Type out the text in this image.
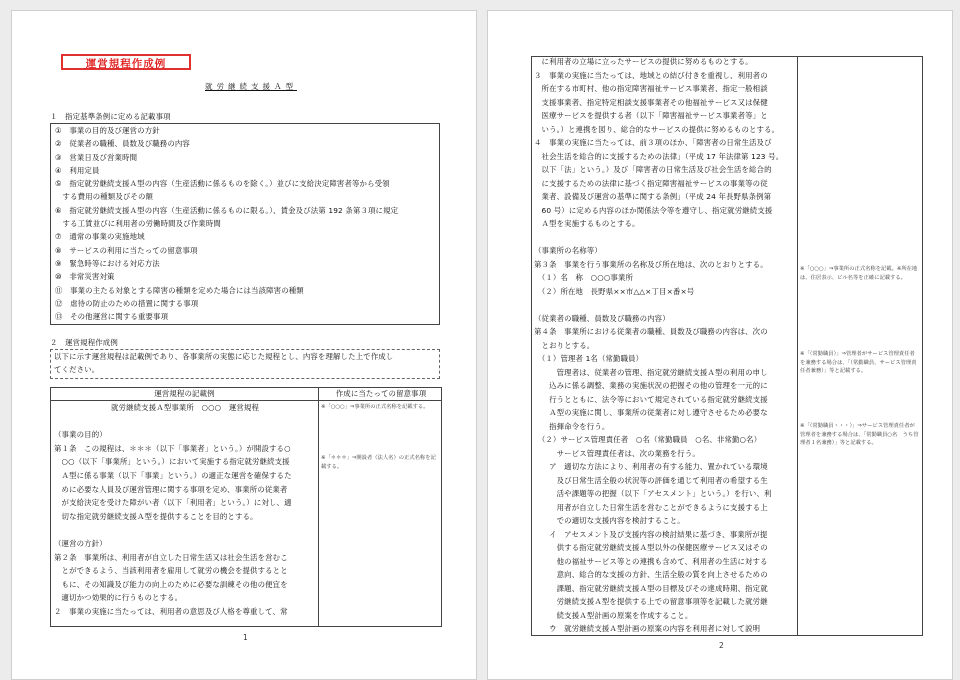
運営規程作成例
就労継続支援Ａ型
１　指定基準条例に定める記載事項
①　事業の目的及び運営の方針
②　従業者の職種、員数及び職務の内容
③　営業日及び営業時間
④　利用定員
⑤　指定就労継続支援Ａ型の内容（生産活動に係るものを除く。）並びに支給決定障害者等から受領
　する費用の種類及びその額
⑥　指定就労継続支援Ａ型の内容（生産活動に係るものに限る。）、賃金及び法第 192 条第３項に規定
　する工賃並びに利用者の労働時間及び作業時間
⑦　通常の事業の実施地域
⑧　サービスの利用に当たっての留意事項
⑨　緊急時等における対応方法
⑩　非常災害対策
⑪　事業の主たる対象とする障害の種類を定めた場合には当該障害の種類
⑫　虐待の防止のための措置に関する事項
⑬　その他運営に関する重要事項
２　運営規程作成例
以下に示す運営規程は記載例であり、各事業所の実態に応じた規程とし、内容を理解した上で作成し
てください。
運営規程の記載例	作成に当たっての留意事項
就労継続支援Ａ型事業所　○○○　運営規程

（事業の目的）
第１条　この規程は、＊＊＊（以下「事業者」という。）が開設する○
　○○（以下「事業所」という。）において実施する指定就労継続支援
　Ａ型に係る事業（以下「事業」という。）の適正な運営を確保するた
　めに必要な人員及び運営管理に関する事項を定め、事業所の従業者
　が支給決定を受けた障がい者（以下「利用者」という。）に対し、適
　切な指定就労継続支援Ａ型を提供することを目的とする。

（運営の方針）
第２条　事業所は、利用者が自立した日常生活又は社会生活を営むこ
　とができるよう、当該利用者を雇用して就労の機会を提供するとと
　もに、その知識及び能力の向上のために必要な訓練その他の便宜を
　適切かつ効果的に行うものとする。
２　事業の実施に当たっては、利用者の意思及び人格を尊重して、常
※「○○○」⇒事業所の正式名称を記載する。
※「＊＊＊」⇒開設者（法人名）の正式名称を記載する。
1
　に利用者の立場に立ったサービスの提供に努めるものとする。
３　事業の実施に当たっては、地域との結び付きを重視し、利用者の
　所在する市町村、他の指定障害福祉サービス事業者、指定一般相談
　支援事業者、指定特定相談支援事業者その他福祉サービス又は保健
　医療サービスを提供する者（以下「障害福祉サービス事業者等」と
　いう。）と連携を図り、総合的なサービスの提供に努めるものとする。
４　事業の実施に当たっては、前３項のほか、「障害者の日常生活及び
　社会生活を総合的に支援するための法律」（平成 17 年法律第 123 号。
　以下「法」という。）及び「障害者の日常生活及び社会生活を総合的
　に支援するための法律に基づく指定障害福祉サービスの事業等の従
　業者、設備及び運営の基準に関する条例」（平成 24 年長野県条例第
　60 号）に定める内容のほか関係法令等を遵守し、指定就労継続支援
　Ａ型を実施するものとする。

（事業所の名称等）
第３条　事業を行う事業所の名称及び所在地は、次のとおりとする。
　（１）名　称　○○○事業所
　（２）所在地　長野県××市△△×丁目×番×号

（従業者の職種、員数及び職務の内容）
第４条　事業所における従業者の職種、員数及び職務の内容は、次の
　とおりとする。
　（１）管理者 1名（常勤職員）
　　　管理者は、従業者の管理、指定就労継続支援Ａ型の利用の申し
　　込みに係る調整、業務の実施状況の把握その他の管理を一元的に
　　行うとともに、法令等において規定されている指定就労継続支援
　　Ａ型の実施に関し、事業所の従業者に対し遵守させるため必要な
　　指揮命令を行う。
　（２）サービス管理責任者　○名（常勤職員　○名、非常勤○名）
　　　サービス管理責任者は、次の業務を行う。
　　ア　適切な方法により、利用者の有する能力、置かれている環境
　　　及び日常生活全般の状況等の評価を通じて利用者の希望する生
　　　活や課題等の把握（以下「アセスメント」という。）を行い、利
　　　用者が自立した日常生活を営むことができるように支援する上
　　　での適切な支援内容を検討すること。
　　イ　アセスメント及び支援内容の検討結果に基づき、事業所が提
　　　供する指定就労継続支援Ａ型以外の保健医療サービス又はその
　　　他の福祉サービス等との連携も含めて、利用者の生活に対する
　　　意向、総合的な支援の方針、生活全般の質を向上させるための
　　　課題、指定就労継続支援Ａ型の目標及びその達成時期、指定就
　　　労継続支援Ａ型を提供する上での留意事項等を記載した就労継
　　　続支援Ａ型計画の原案を作成すること。
　　ウ　就労継続支援Ａ型計画の原案の内容を利用者に対して説明
※「○○○」⇒事業所の正式名称を記載。※所在地は、住居表示、ビル名等を正確に記載する。
※「（常勤職員）」⇒管理者がサービス管理責任者を兼務する場合は、「（常勤職員、サービス管理責任者兼務）」等と記載する。
※「（常勤職員・・・）」⇒サービス管理責任者が管理者を兼務する場合は、「常勤職員○名　うち管理者１名兼務）」等と記載する。
2
